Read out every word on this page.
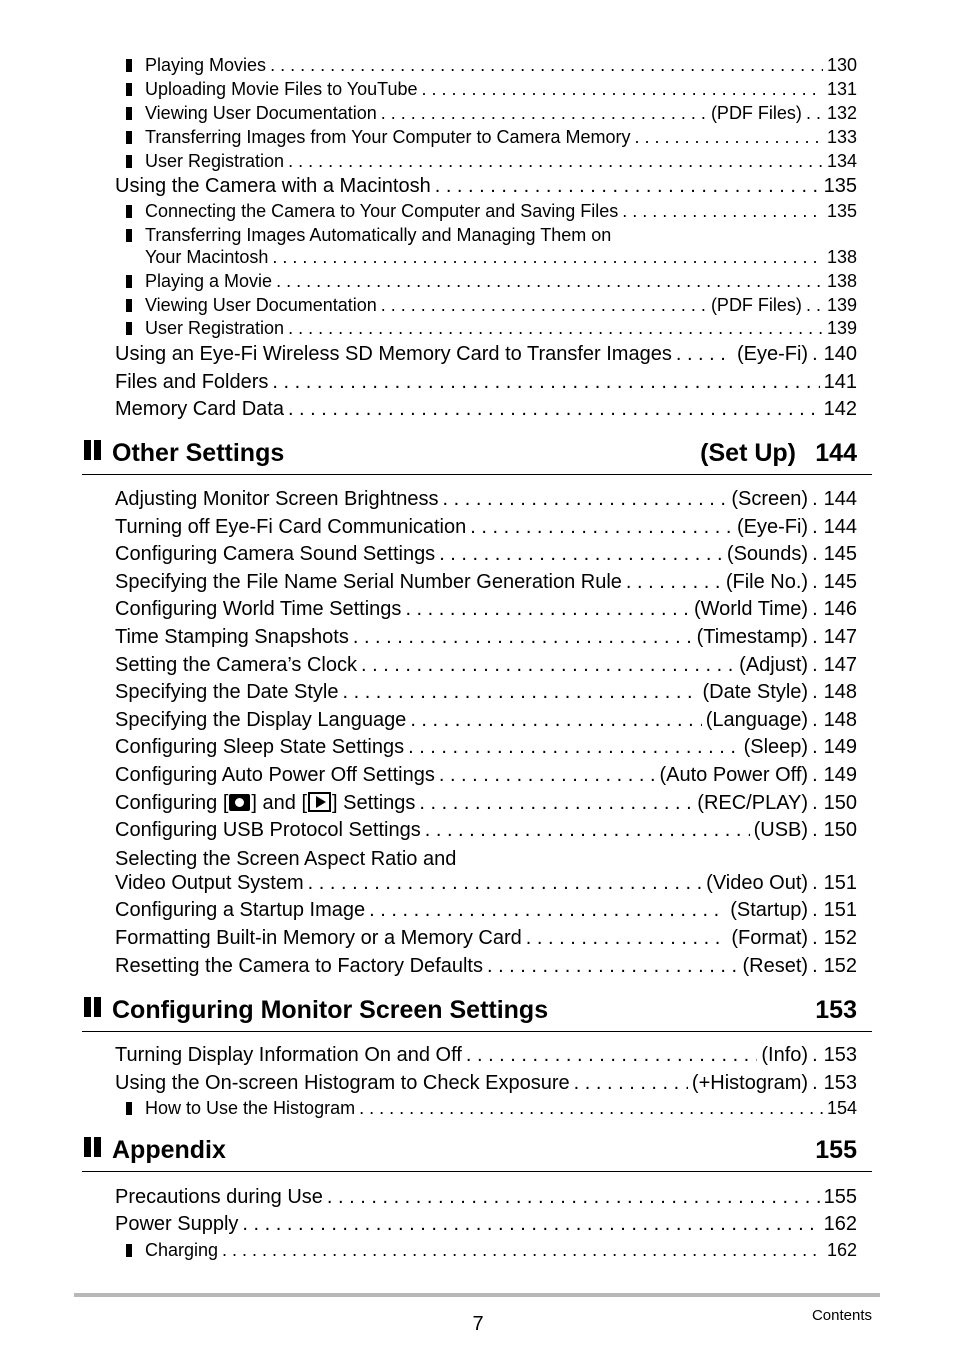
Playing Movies . . .	130
Uploading Movie Files to YouTube . . .	131
Viewing User Documentation . . .	(PDF Files) . . 132
Transferring Images from Your Computer to Camera Memory . . .	133
User Registration . . .	134
Using the Camera with a Macintosh . . .	135
Connecting the Camera to Your Computer and Saving Files . . .	135
Transferring Images Automatically and Managing Them on
Your Macintosh . . .	138
Playing a Movie . . .	138
Viewing User Documentation . . .	(PDF Files) . . 139
User Registration . . .	139
Using an Eye-Fi Wireless SD Memory Card to Transfer Images . . .	(Eye-Fi) . 140
Files and Folders . . .	141
Memory Card Data . . .	142
Other Settings	(Set Up) 144
Adjusting Monitor Screen Brightness . . .	(Screen) . 144
Turning off Eye-Fi Card Communication . . .	(Eye-Fi) . 144
Configuring Camera Sound Settings . . .	(Sounds) . 145
Specifying the File Name Serial Number Generation Rule . . .	(File No.) . 145
Configuring World Time Settings . . .	(World Time) . 146
Time Stamping Snapshots . . .	(Timestamp) . 147
Setting the Camera’s Clock . . .	(Adjust) . 147
Specifying the Date Style . . .	(Date Style) . 148
Specifying the Display Language . . .	(Language) . 148
Configuring Sleep State Settings . . .	(Sleep) . 149
Configuring Auto Power Off Settings . . .	(Auto Power Off) . 149
Configuring [ ] and [ ] Settings . . .	(REC/PLAY) . 150
Configuring USB Protocol Settings . . .	(USB) . 150
Selecting the Screen Aspect Ratio and
Video Output System . . .	(Video Out) . 151
Configuring a Startup Image . . .	(Startup) . 151
Formatting Built-in Memory or a Memory Card . . .	(Format) . 152
Resetting the Camera to Factory Defaults . . .	(Reset) . 152
Configuring Monitor Screen Settings	153
Turning Display Information On and Off . . .	(Info) . 153
Using the On-screen Histogram to Check Exposure . . .	(+Histogram) . 153
How to Use the Histogram . . .	154
Appendix	155
Precautions during Use . . .	155
Power Supply . . .	162
Charging . . .	162
7	Contents
